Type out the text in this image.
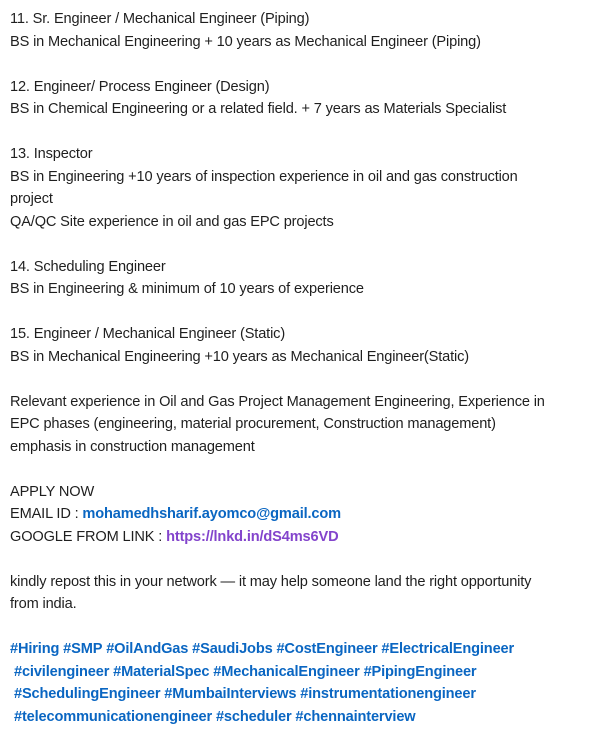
11. Sr. Engineer / Mechanical Engineer (Piping)
BS in Mechanical Engineering + 10 years as Mechanical Engineer (Piping)
12. Engineer/ Process Engineer (Design)
BS in Chemical Engineering or a related field. + 7 years as Materials Specialist
13. Inspector
BS in Engineering +10 years of inspection experience in oil and gas construction
project
QA/QC Site experience in oil and gas EPC projects
14. Scheduling Engineer
BS in Engineering & minimum of 10 years of experience
15. Engineer / Mechanical Engineer (Static)
BS in Mechanical Engineering +10 years as Mechanical Engineer(Static)
Relevant experience in Oil and Gas Project Management Engineering, Experience in
EPC phases (engineering, material procurement, Construction management)
emphasis in construction management
APPLY NOW
EMAIL ID : mohamedhsharif.ayomco@gmail.com
GOOGLE FROM LINK : https://lnkd.in/dS4ms6VD
kindly repost this in your network — it may help someone land the right opportunity
from india.
#Hiring #SMP #OilAndGas #SaudiJobs #CostEngineer #ElectricalEngineer
#civilengineer #MaterialSpec #MechanicalEngineer #PipingEngineer
#SchedulingEngineer #MumbaiInterviews #instrumentationengineer
#telecommunicationengineer #scheduler #chennainterview
